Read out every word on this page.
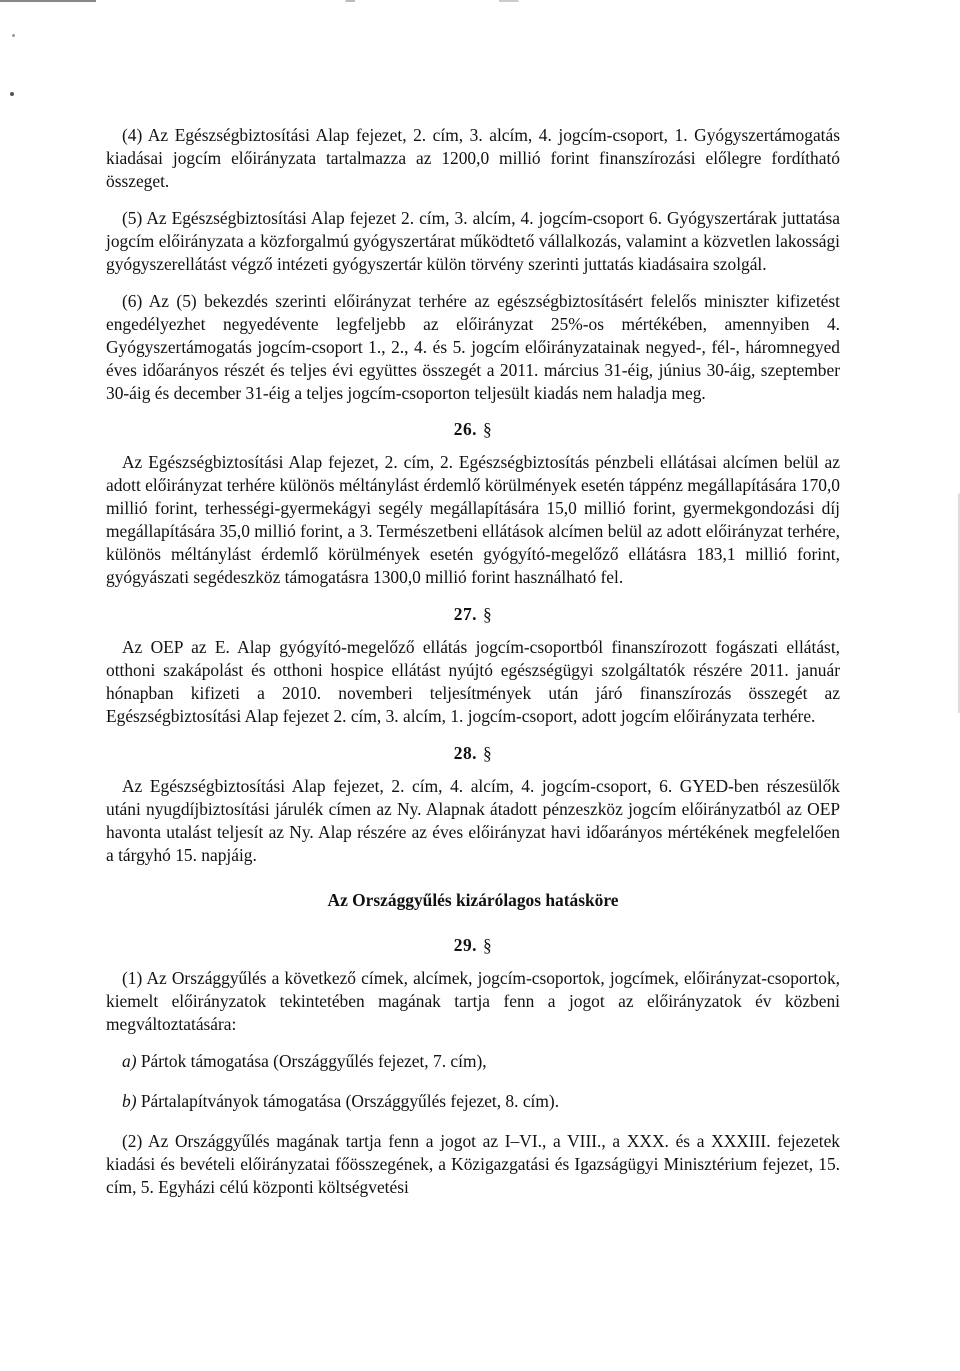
(4) Az Egészségbiztosítási Alap fejezet, 2. cím, 3. alcím, 4. jogcím-csoport, 1. Gyógyszertámogatás kiadásai jogcím előirányzata tartalmazza az 1200,0 millió forint finanszírozási előlegre fordítható összeget.

(5) Az Egészségbiztosítási Alap fejezet 2. cím, 3. alcím, 4. jogcím-csoport 6. Gyógyszertárak juttatása jogcím előirányzata a közforgalmú gyógyszertárat működtető vállalkozás, valamint a közvetlen lakossági gyógyszerellátást végző intézeti gyógyszertár külön törvény szerinti juttatás kiadásaira szolgál.

(6) Az (5) bekezdés szerinti előirányzat terhére az egészségbiztosításért felelős miniszter kifizetést engedélyezhet negyedévente legfeljebb az előirányzat 25%-os mértékében, amennyiben 4. Gyógyszertámogatás jogcím-csoport 1., 2., 4. és 5. jogcím előirányzatainak negyed-, fél-, háromnegyed éves időarányos részét és teljes évi együttes összegét a 2011. március 31-éig, június 30-áig, szeptember 30-áig és december 31-éig a teljes jogcím-csoporton teljesült kiadás nem haladja meg.

26. §

Az Egészségbiztosítási Alap fejezet, 2. cím, 2. Egészségbiztosítás pénzbeli ellátásai alcímen belül az adott előirányzat terhére különös méltánylást érdemlő körülmények esetén táppénz megállapítására 170,0 millió forint, terhességi-gyermekágyi segély megállapítására 15,0 millió forint, gyermekgondozási díj megállapítására 35,0 millió forint, a 3. Természetbeni ellátások alcímen belül az adott előirányzat terhére, különös méltánylást érdemlő körülmények esetén gyógyító-megelőző ellátásra 183,1 millió forint, gyógyászati segédeszköz támogatásra 1300,0 millió forint használható fel.

27. §

Az OEP az E. Alap gyógyító-megelőző ellátás jogcím-csoportból finanszírozott fogászati ellátást, otthoni szakápolást és otthoni hospice ellátást nyújtó egészségügyi szolgáltatók részére 2011. január hónapban kifizeti a 2010. novemberi teljesítmények után járó finanszírozás összegét az Egészségbiztosítási Alap fejezet 2. cím, 3. alcím, 1. jogcím-csoport, adott jogcím előirányzata terhére.

28. §

Az Egészségbiztosítási Alap fejezet, 2. cím, 4. alcím, 4. jogcím-csoport, 6. GYED-ben részesülők utáni nyugdíjbiztosítási járulék címen az Ny. Alapnak átadott pénzeszköz jogcím előirányzatból az OEP havonta utalást teljesít az Ny. Alap részére az éves előirányzat havi időarányos mértékének megfelelően a tárgyhó 15. napjáig.

Az Országgyűlés kizárólagos hatásköre
29. §

(1) Az Országgyűlés a következő címek, alcímek, jogcím-csoportok, jogcímek, előirányzat-csoportok, kiemelt előirányzatok tekintetében magának tartja fenn a jogot az előirányzatok év közbeni megváltoztatására:

a) Pártok támogatása (Országgyűlés fejezet, 7. cím),
b) Pártalapítványok támogatása (Országgyűlés fejezet, 8. cím).

(2) Az Országgyűlés magának tartja fenn a jogot az I–VI., a VIII., a XXX. és a XXXIII. fejezetek kiadási és bevételi előirányzatai főösszegének, a Közigazgatási és Igazságügyi Minisztérium fejezet, 15. cím, 5. Egyházi célú központi költségvetési
